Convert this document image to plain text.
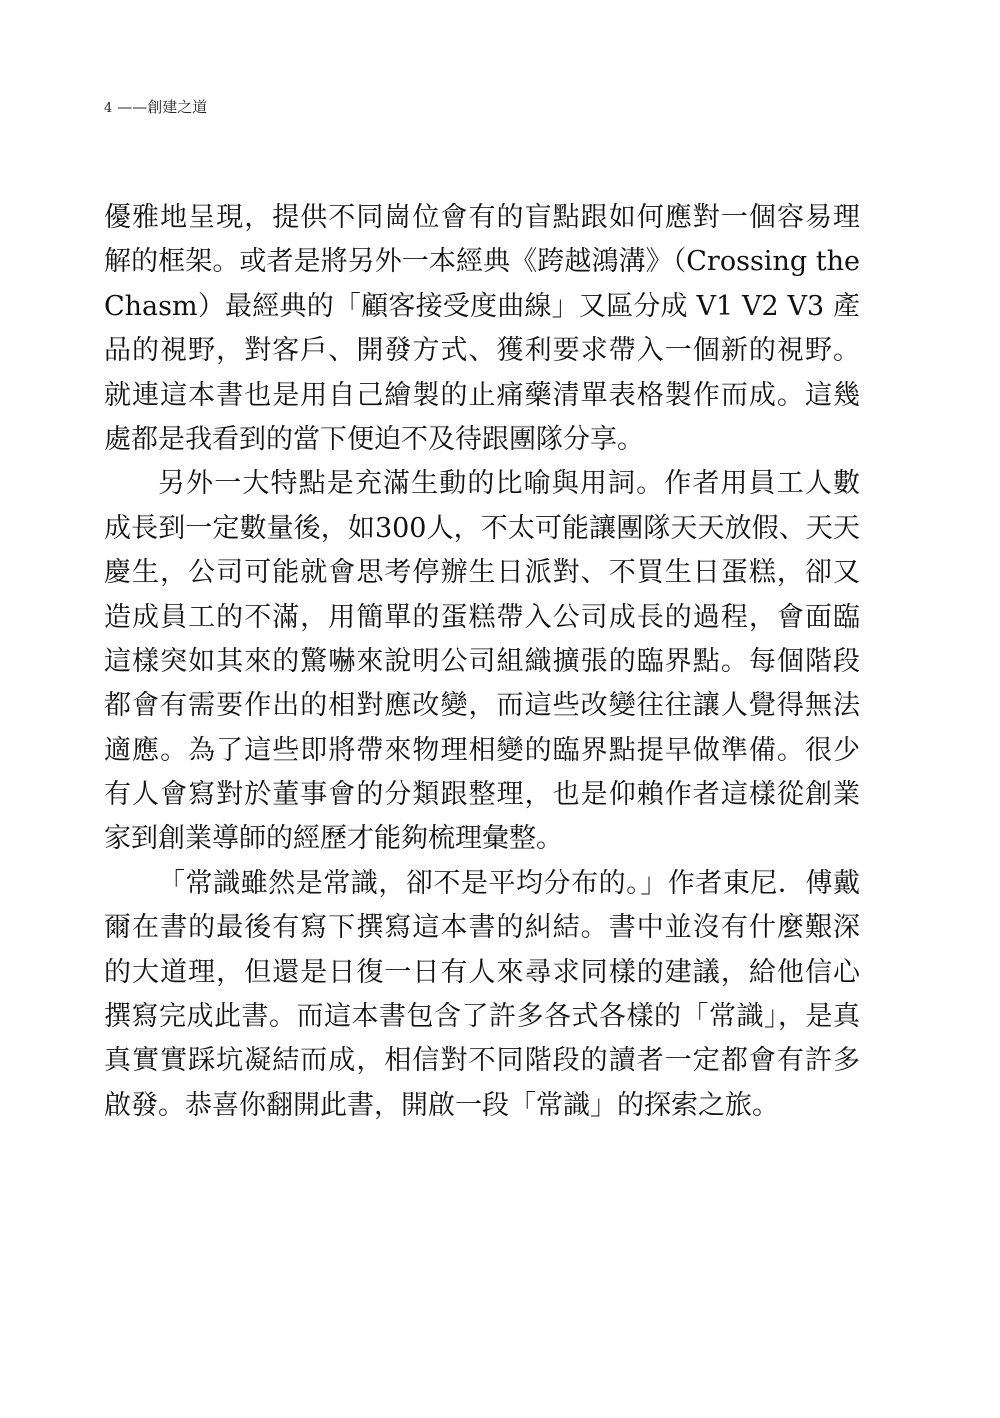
4 ——創建之道
優雅地呈現，提供不同崗位會有的盲點跟如何應對一個容易理
解的框架。或者是將另外一本經典《跨越鴻溝》（Crossing the
Chasm）最經典的「顧客接受度曲線」又區分成 V1 V2 V3 產
品的視野，對客戶、開發方式、獲利要求帶入一個新的視野。
就連這本書也是用自己繪製的止痛藥清單表格製作而成。這幾
處都是我看到的當下便迫不及待跟團隊分享。
另外一大特點是充滿生動的比喻與用詞。作者用員工人數
成長到一定數量後，如300人，不太可能讓團隊天天放假、天天
慶生，公司可能就會思考停辦生日派對、不買生日蛋糕，卻又
造成員工的不滿，用簡單的蛋糕帶入公司成長的過程，會面臨
這樣突如其來的驚嚇來說明公司組織擴張的臨界點。每個階段
都會有需要作出的相對應改變，而這些改變往往讓人覺得無法
適應。為了這些即將帶來物理相變的臨界點提早做準備。很少
有人會寫對於董事會的分類跟整理，也是仰賴作者這樣從創業
家到創業導師的經歷才能夠梳理彙整。
「常識雖然是常識，卻不是平均分布的。」作者東尼．傅戴
爾在書的最後有寫下撰寫這本書的糾結。書中並沒有什麼艱深
的大道理，但還是日復一日有人來尋求同樣的建議，給他信心
撰寫完成此書。而這本書包含了許多各式各樣的「常識」，是真
真實實踩坑凝結而成，相信對不同階段的讀者一定都會有許多
啟發。恭喜你翻開此書，開啟一段「常識」的探索之旅。
